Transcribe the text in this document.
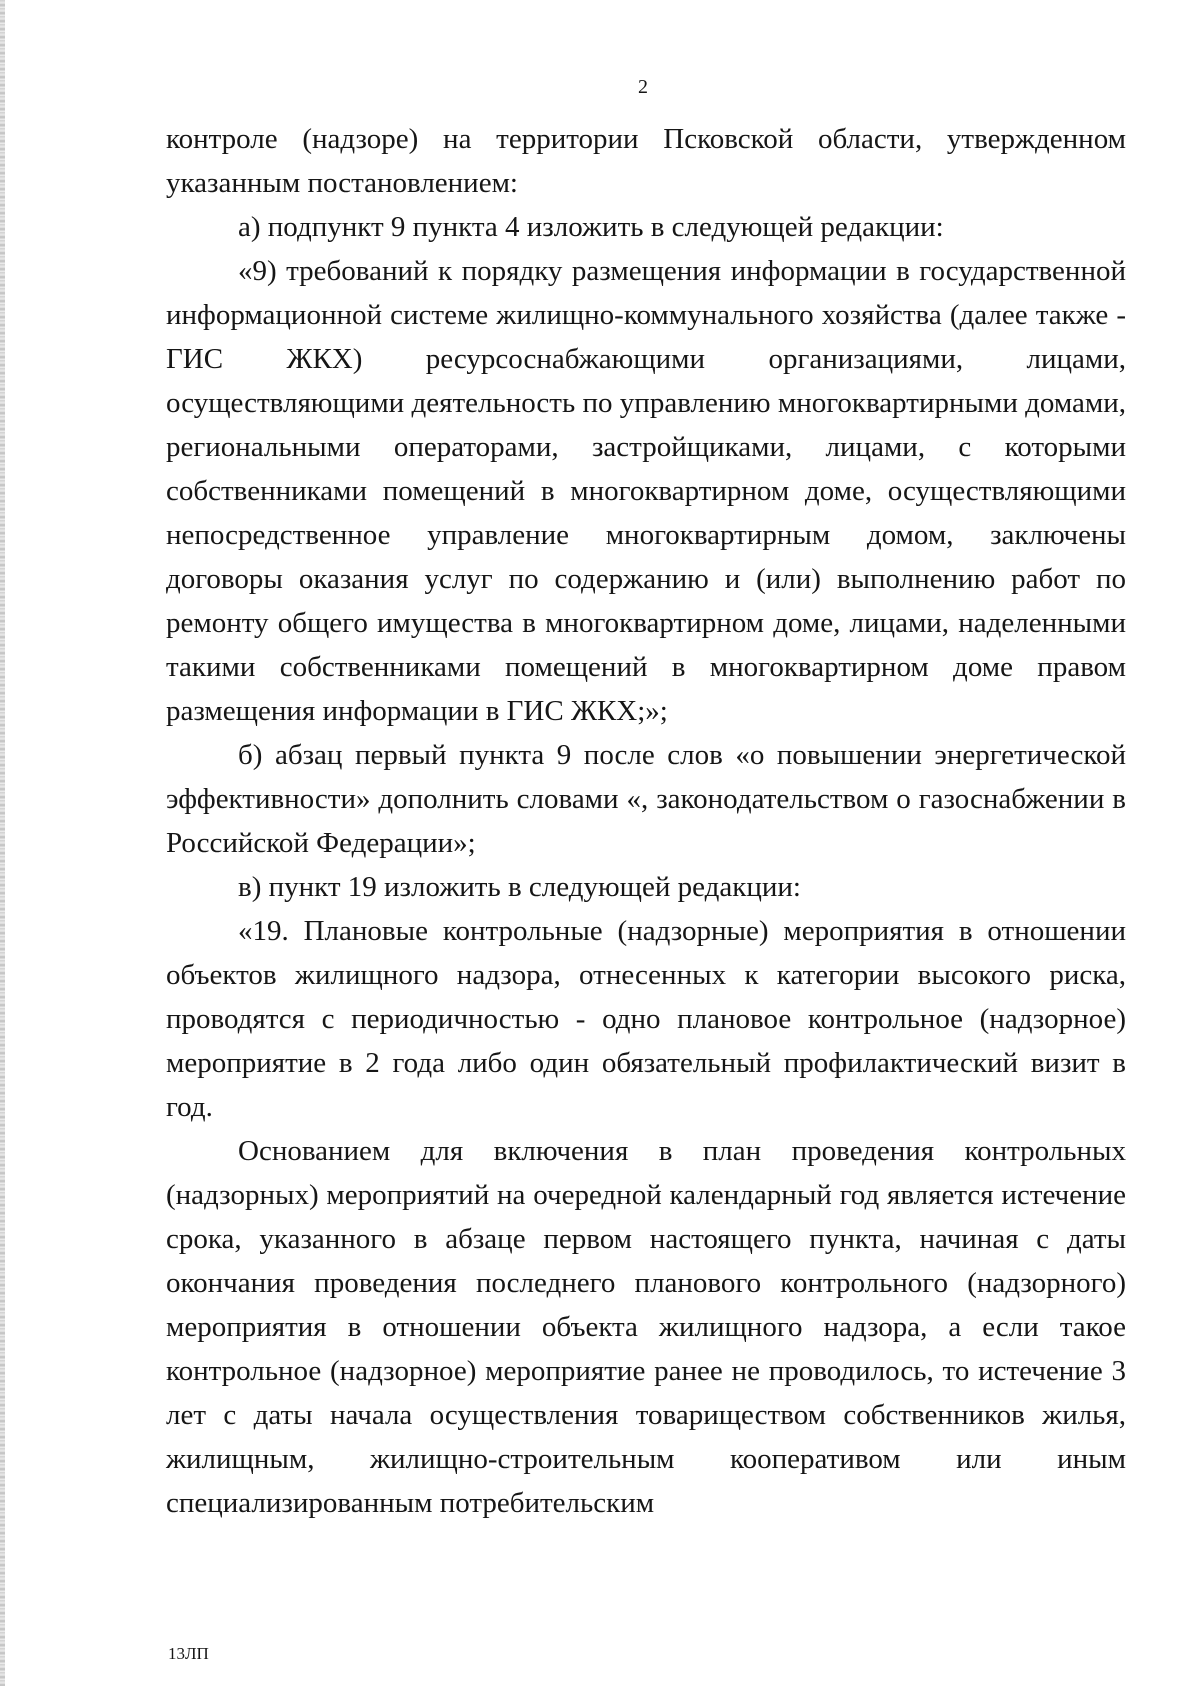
2

контроле (надзоре) на территории Псковской области, утвержденном указанным постановлением:

а) подпункт 9 пункта 4 изложить в следующей редакции:

«9) требований к порядку размещения информации в государственной информационной системе жилищно-коммунального хозяйства (далее также - ГИС ЖКХ) ресурсоснабжающими организациями, лицами, осуществляющими деятельность по управлению многоквартирными домами, региональными операторами, застройщиками, лицами, с которыми собственниками помещений в многоквартирном доме, осуществляющими непосредственное управление многоквартирным домом, заключены договоры оказания услуг по содержанию и (или) выполнению работ по ремонту общего имущества в многоквартирном доме, лицами, наделенными такими собственниками помещений в многоквартирном доме правом размещения информации в ГИС ЖКХ;»;

б) абзац первый пункта 9 после слов «о повышении энергетической эффективности» дополнить словами «, законодательством о газоснабжении в Российской Федерации»;

в) пункт 19 изложить в следующей редакции:

«19. Плановые контрольные (надзорные) мероприятия в отношении объектов жилищного надзора, отнесенных к категории высокого риска, проводятся с периодичностью - одно плановое контрольное (надзорное) мероприятие в 2 года либо один обязательный профилактический визит в год.

Основанием для включения в план проведения контрольных (надзорных) мероприятий на очередной календарный год является истечение срока, указанного в абзаце первом настоящего пункта, начиная с даты окончания проведения последнего планового контрольного (надзорного) мероприятия в отношении объекта жилищного надзора, а если такое контрольное (надзорное) мероприятие ранее не проводилось, то истечение 3 лет с даты начала осуществления товариществом собственников жилья, жилищным, жилищно-строительным кооперативом или иным специализированным потребительским

13ЛП
